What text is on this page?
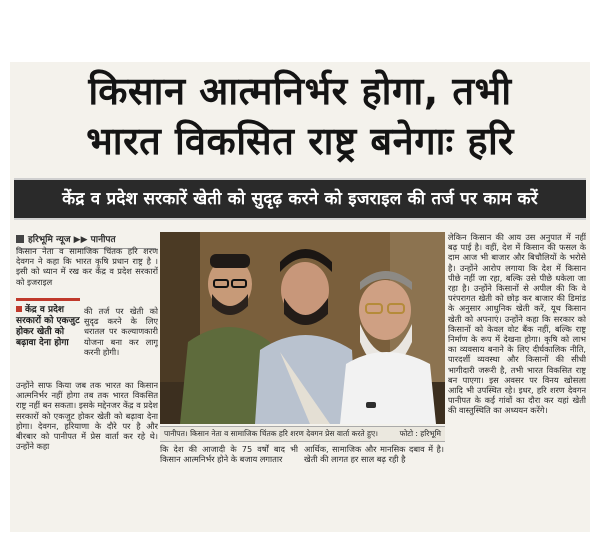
किसान आत्मनिर्भर होगा, तभी
भारत विकसित राष्ट्र बनेगाः हरि
केंद्र व प्रदेश सरकारें खेती को सुदृढ़ करने को इजराइल की तर्ज पर काम करें
हरिभूमि न्यूज ▶▶ पानीपत
किसान नेता व सामाजिक चिंतक हरि शरण देवगन ने कहा कि भारत कृषि प्रधान राष्ट्र है । इसी को ध्यान में रख कर केंद्र व प्रदेश सरकारों को इजराइल
केंद्र व प्रदेश सरकारों को एकजुट होकर खेती को बढ़ावा देना होगा
की तर्ज पर खेती को सुदृढ करने के लिए धरातल पर कल्याणकारी योजना बना कर लागू करनी होगी।
उन्होंने साफ किया जब तक भारत का किसान आत्मनिर्भर नहीं होगा तब तक भारत विकसित राष्ट्र नहीं बन सकता। इसके मद्देनजर केंद्र व प्रदेश सरकारों को एकजुट होकर खेती को बढ़ावा देना होगा। देवगन, हरियाणा के दौरे पर है और बीरबार को पानीपत में प्रेस वार्ता कर रहे थे। उन्होंने कहा
पानीपत। किसान नेता व सामाजिक चिंतक हरि शरण देवगन प्रेस वार्ता करते हुए।	फोटो : हरिभूमि
कि देश की आजादी के 75 वर्षों बाद भी किसान आत्मनिर्भर होने के बजाय लगातार
आर्थिक, सामाजिक और मानसिक दबाव में है। खेती की लागत हर साल बढ़ रही है
लेकिन किसान की आय उस अनुपात में नहीं बढ़ पाई है। वहीं, देश में किसान की फसल के दाम आज भी बाजार और बिचौलियों के भरोसे है। उन्होंने आरोप लगाया कि देश में किसान पीछे नहीं जा रहा, बल्कि उसे पीछे धकेला जा रहा है। उन्होंने किसानों से अपील की कि वे परंपरागत खेती को छोड़ कर बाजार की डिमांड के अनुसार आधुनिक खेती करें, यूथ किसान खेती को अपनाएं। उन्होंने कहा कि सरकार को किसानों को केवल वोट बैंक नहीं, बल्कि राष्ट्र निर्माण के रूप में देखना होगा। कृषि को लाभ का व्यवसाय बनाने के लिए दीर्घकालिक नीति, पारदर्शी व्यवस्था और किसानों की सीधी भागीदारी जरूरी है, तभी भारत विकसित राष्ट्र बन पाएगा। इस अवसर पर विनय खोसला आदि भी उपस्थित रहे। इधर, हरि शरण देवगन पानीपत के कई गांवों का दौरा कर यहां खेती की वास्तुस्थिति का अध्ययन करेंगे।
